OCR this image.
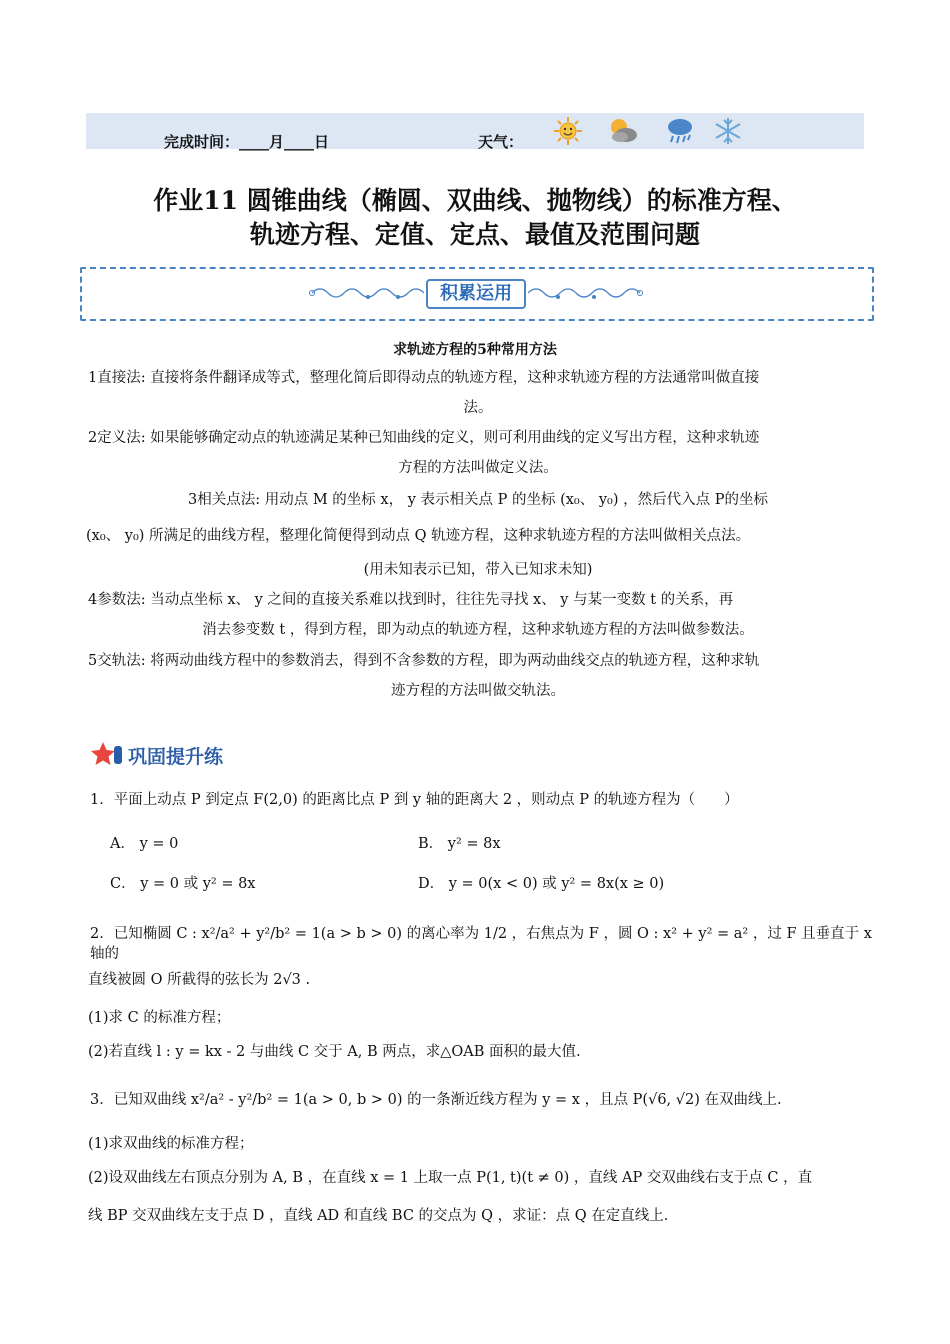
完成时间：____月____日	天气：
作业11 圆锥曲线（椭圆、双曲线、抛物线）的标准方程、
轨迹方程、定值、定点、最值及范围问题
积累运用
求轨迹方程的5种常用方法
1直接法: 直接将条件翻译成等式，整理化简后即得动点的轨迹方程，这种求轨迹方程的方法通常叫做直接
法。
2定义法: 如果能够确定动点的轨迹满足某种已知曲线的定义，则可利用曲线的定义写出方程，这种求轨迹
方程的方法叫做定义法。
3相关点法: 用动点 M 的坐标 x， y 表示相关点 P 的坐标 (x₀、 y₀) ，然后代入点 P的坐标
(x₀、 y₀) 所满足的曲线方程，整理化简便得到动点 Q 轨迹方程，这种求轨迹方程的方法叫做相关点法。
(用未知表示已知，带入已知求未知)
4参数法: 当动点坐标 x、 y 之间的直接关系难以找到时，往往先寻找 x、 y 与某一变数 t 的关系，再
消去参变数 t ，得到方程，即为动点的轨迹方程，这种求轨迹方程的方法叫做参数法。
5交轨法: 将两动曲线方程中的参数消去，得到不含参数的方程，即为两动曲线交点的轨迹方程，这种求轨
迹方程的方法叫做交轨法。
巩固提升练
1．平面上动点 P 到定点 F(2,0) 的距离比点 P 到 y 轴的距离大 2 ，则动点 P 的轨迹方程为（　　）
A． y = 0	B． y² = 8x
C． y = 0 或 y² = 8x	D． y = 0(x < 0) 或 y² = 8x(x ≥ 0)
2．已知椭圆 C : x²/a² + y²/b² = 1(a > b > 0) 的离心率为 1/2 ，右焦点为 F ，圆 O : x² + y² = a² ，过 F 且垂直于 x 轴的
直线被圆 O 所截得的弦长为 2√3 .
(1)求 C 的标准方程；
(2)若直线 l : y = kx - 2 与曲线 C 交于 A, B 两点，求△OAB 面积的最大值.
3．已知双曲线 x²/a² - y²/b² = 1(a > 0, b > 0) 的一条渐近线方程为 y = x ，且点 P(√6, √2) 在双曲线上.
(1)求双曲线的标准方程；
(2)设双曲线左右顶点分别为 A, B ，在直线 x = 1 上取一点 P(1, t)(t ≠ 0) ，直线 AP 交双曲线右支于点 C ，直
线 BP 交双曲线左支于点 D ，直线 AD 和直线 BC 的交点为 Q ，求证：点 Q 在定直线上.
